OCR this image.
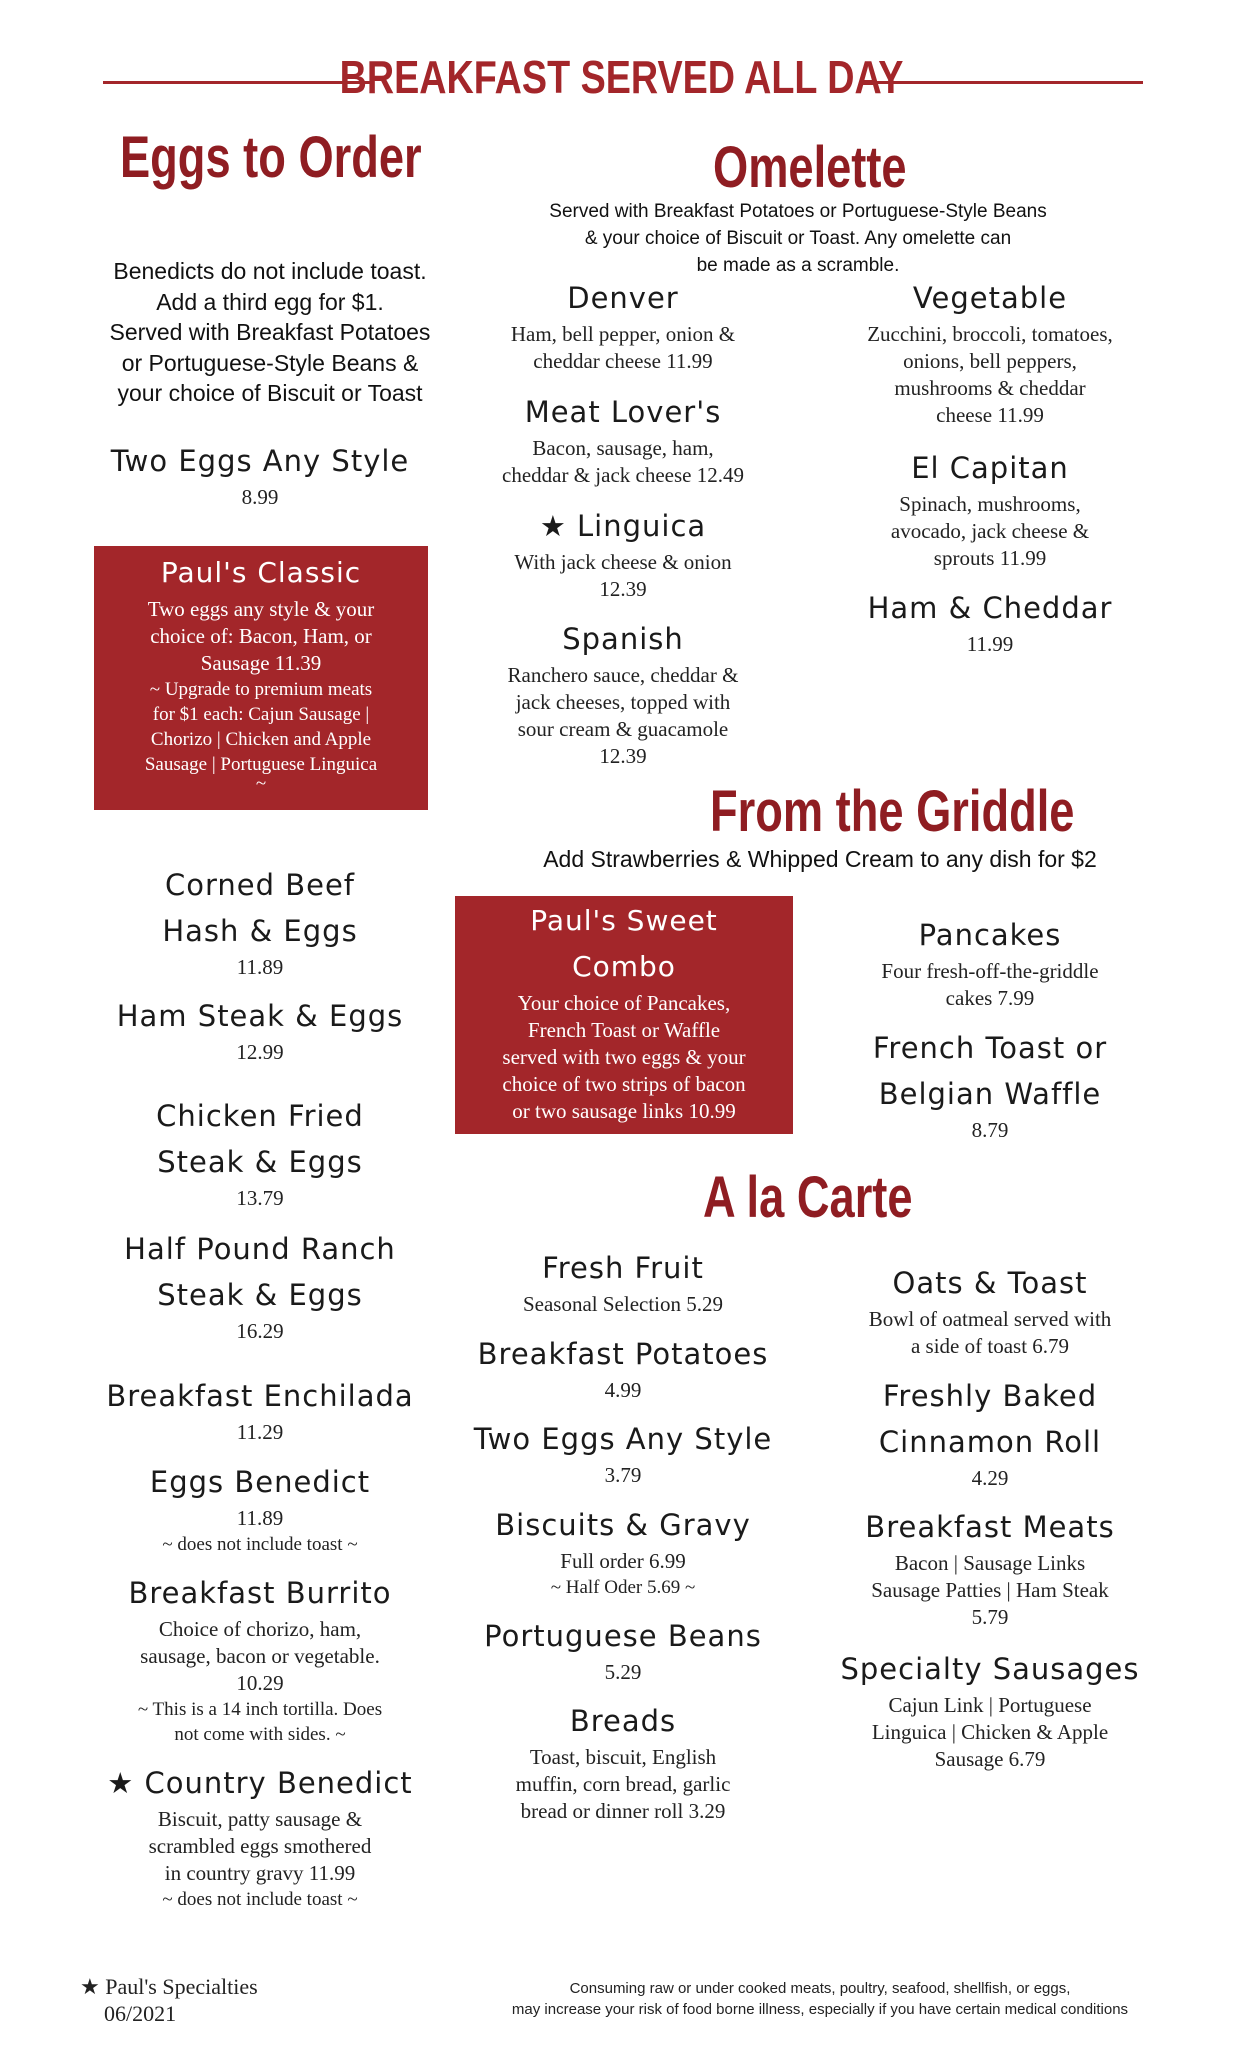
BREAKFAST SERVED ALL DAY
Eggs to Order
Benedicts do not include toast.
Add a third egg for $1.
Served with Breakfast Potatoes
or Portuguese-Style Beans &
your choice of Biscuit or Toast
Two Eggs Any Style
8.99
Paul's Classic
Two eggs any style & your
choice of: Bacon, Ham, or
Sausage 11.39
~ Upgrade to premium meats
for $1 each: Cajun Sausage |
Chorizo | Chicken and Apple
Sausage | Portuguese Linguica
~
Corned Beef
Hash & Eggs
11.89
Ham Steak & Eggs
12.99
Chicken Fried
Steak & Eggs
13.79
Half Pound Ranch
Steak & Eggs
16.29
Breakfast Enchilada
11.29
Eggs Benedict
11.89
~ does not include toast ~
Breakfast Burrito
Choice of chorizo, ham,
sausage, bacon or vegetable.
10.29
~ This is a 14 inch tortilla. Does
not come with sides. ~
★ Country Benedict
Biscuit, patty sausage &
scrambled eggs smothered
in country gravy 11.99
~ does not include toast ~
Omelette
Served with Breakfast Potatoes or Portuguese-Style Beans
& your choice of Biscuit or Toast. Any omelette can
be made as a scramble.
Denver
Ham, bell pepper, onion &
cheddar cheese 11.99
Meat Lover's
Bacon, sausage, ham,
cheddar & jack cheese 12.49
★ Linguica
With jack cheese & onion
12.39
Spanish
Ranchero sauce, cheddar &
jack cheeses, topped with
sour cream & guacamole
12.39
Vegetable
Zucchini, broccoli, tomatoes,
onions, bell peppers,
mushrooms & cheddar
cheese 11.99
El Capitan
Spinach, mushrooms,
avocado, jack cheese &
sprouts 11.99
Ham & Cheddar
11.99
From the Griddle
Add Strawberries & Whipped Cream to any dish for $2
Paul's Sweet
Combo
Your choice of Pancakes,
French Toast or Waffle
served with two eggs & your
choice of two strips of bacon
or two sausage links 10.99
Pancakes
Four fresh-off-the-griddle
cakes 7.99
French Toast or
Belgian Waffle
8.79
A la Carte
Fresh Fruit
Seasonal Selection 5.29
Breakfast Potatoes
4.99
Two Eggs Any Style
3.79
Biscuits & Gravy
Full order 6.99
~ Half Oder 5.69 ~
Portuguese Beans
5.29
Breads
Toast, biscuit, English
muffin, corn bread, garlic
bread or dinner roll 3.29
Oats & Toast
Bowl of oatmeal served with
a side of toast 6.79
Freshly Baked
Cinnamon Roll
4.29
Breakfast Meats
Bacon | Sausage Links
Sausage Patties | Ham Steak
5.79
Specialty Sausages
Cajun Link | Portuguese
Linguica | Chicken & Apple
Sausage 6.79
★ Paul's Specialties
06/2021
Consuming raw or under cooked meats, poultry, seafood, shellfish, or eggs,
may increase your risk of food borne illness, especially if you have certain medical conditions
